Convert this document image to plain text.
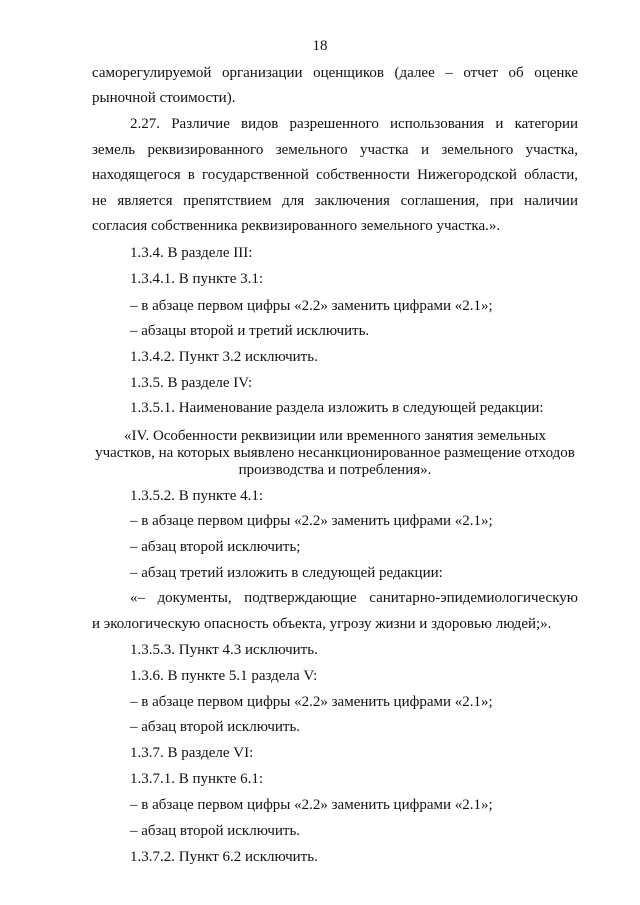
18
саморегулируемой организации оценщиков (далее – отчет об оценке
рыночной стоимости).
2.27. Различие видов разрешенного использования и категории
земель реквизированного земельного участка и земельного участка,
находящегося в государственной собственности Нижегородской области,
не является препятствием для заключения соглашения, при наличии
согласия собственника реквизированного земельного участка.».
1.3.4. В разделе III:
1.3.4.1. В пункте 3.1:
– в абзаце первом цифры «2.2» заменить цифрами «2.1»;
– абзацы второй и третий исключить.
1.3.4.2. Пункт 3.2 исключить.
1.3.5. В разделе IV:
1.3.5.1. Наименование раздела изложить в следующей редакции:
«IV. Особенности реквизиции или временного занятия земельных
участков, на которых выявлено несанкционированное размещение отходов
производства и потребления».
1.3.5.2. В пункте 4.1:
– в абзаце первом цифры «2.2» заменить цифрами «2.1»;
– абзац второй исключить;
– абзац третий изложить в следующей редакции:
«– документы, подтверждающие санитарно-эпидемиологическую
и экологическую опасность объекта, угрозу жизни и здоровью людей;».
1.3.5.3. Пункт 4.3 исключить.
1.3.6. В пункте 5.1 раздела V:
– в абзаце первом цифры «2.2» заменить цифрами «2.1»;
– абзац второй исключить.
1.3.7. В разделе VI:
1.3.7.1. В пункте 6.1:
– в абзаце первом цифры «2.2» заменить цифрами «2.1»;
– абзац второй исключить.
1.3.7.2. Пункт 6.2 исключить.
